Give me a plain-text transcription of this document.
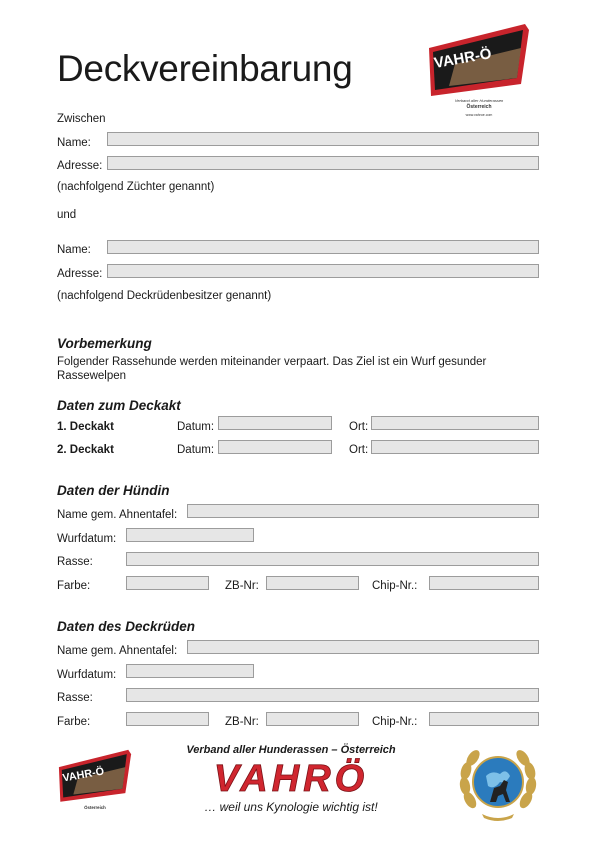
Deckvereinbarung	VAHR-Ö
Verband aller Hunderassen
Österreich
www.vahroe.com
Zwischen
Name:
Adresse:
(nachfolgend Züchter genannt)
und
Name:
Adresse:
(nachfolgend Deckrüdenbesitzer genannt)
Vorbemerkung
Folgender Rassehunde werden miteinander verpaart. Das Ziel ist ein Wurf gesunder Rassewelpen
Daten zum Deckakt
1. Deckakt	Datum:	Ort:
2. Deckakt	Datum:	Ort:
Daten der Hündin
Name gem. Ahnentafel:
Wurfdatum:
Rasse:
Farbe:	ZB-Nr:	Chip-Nr.:
Daten des Deckrüden
Name gem. Ahnentafel:
Wurfdatum:
Rasse:
Farbe:	ZB-Nr:	Chip-Nr.:
VAHR-Ö
Österreich
Verband aller Hunderassen – Österreich
VAHRÖ
… weil uns Kynologie wichtig ist!
